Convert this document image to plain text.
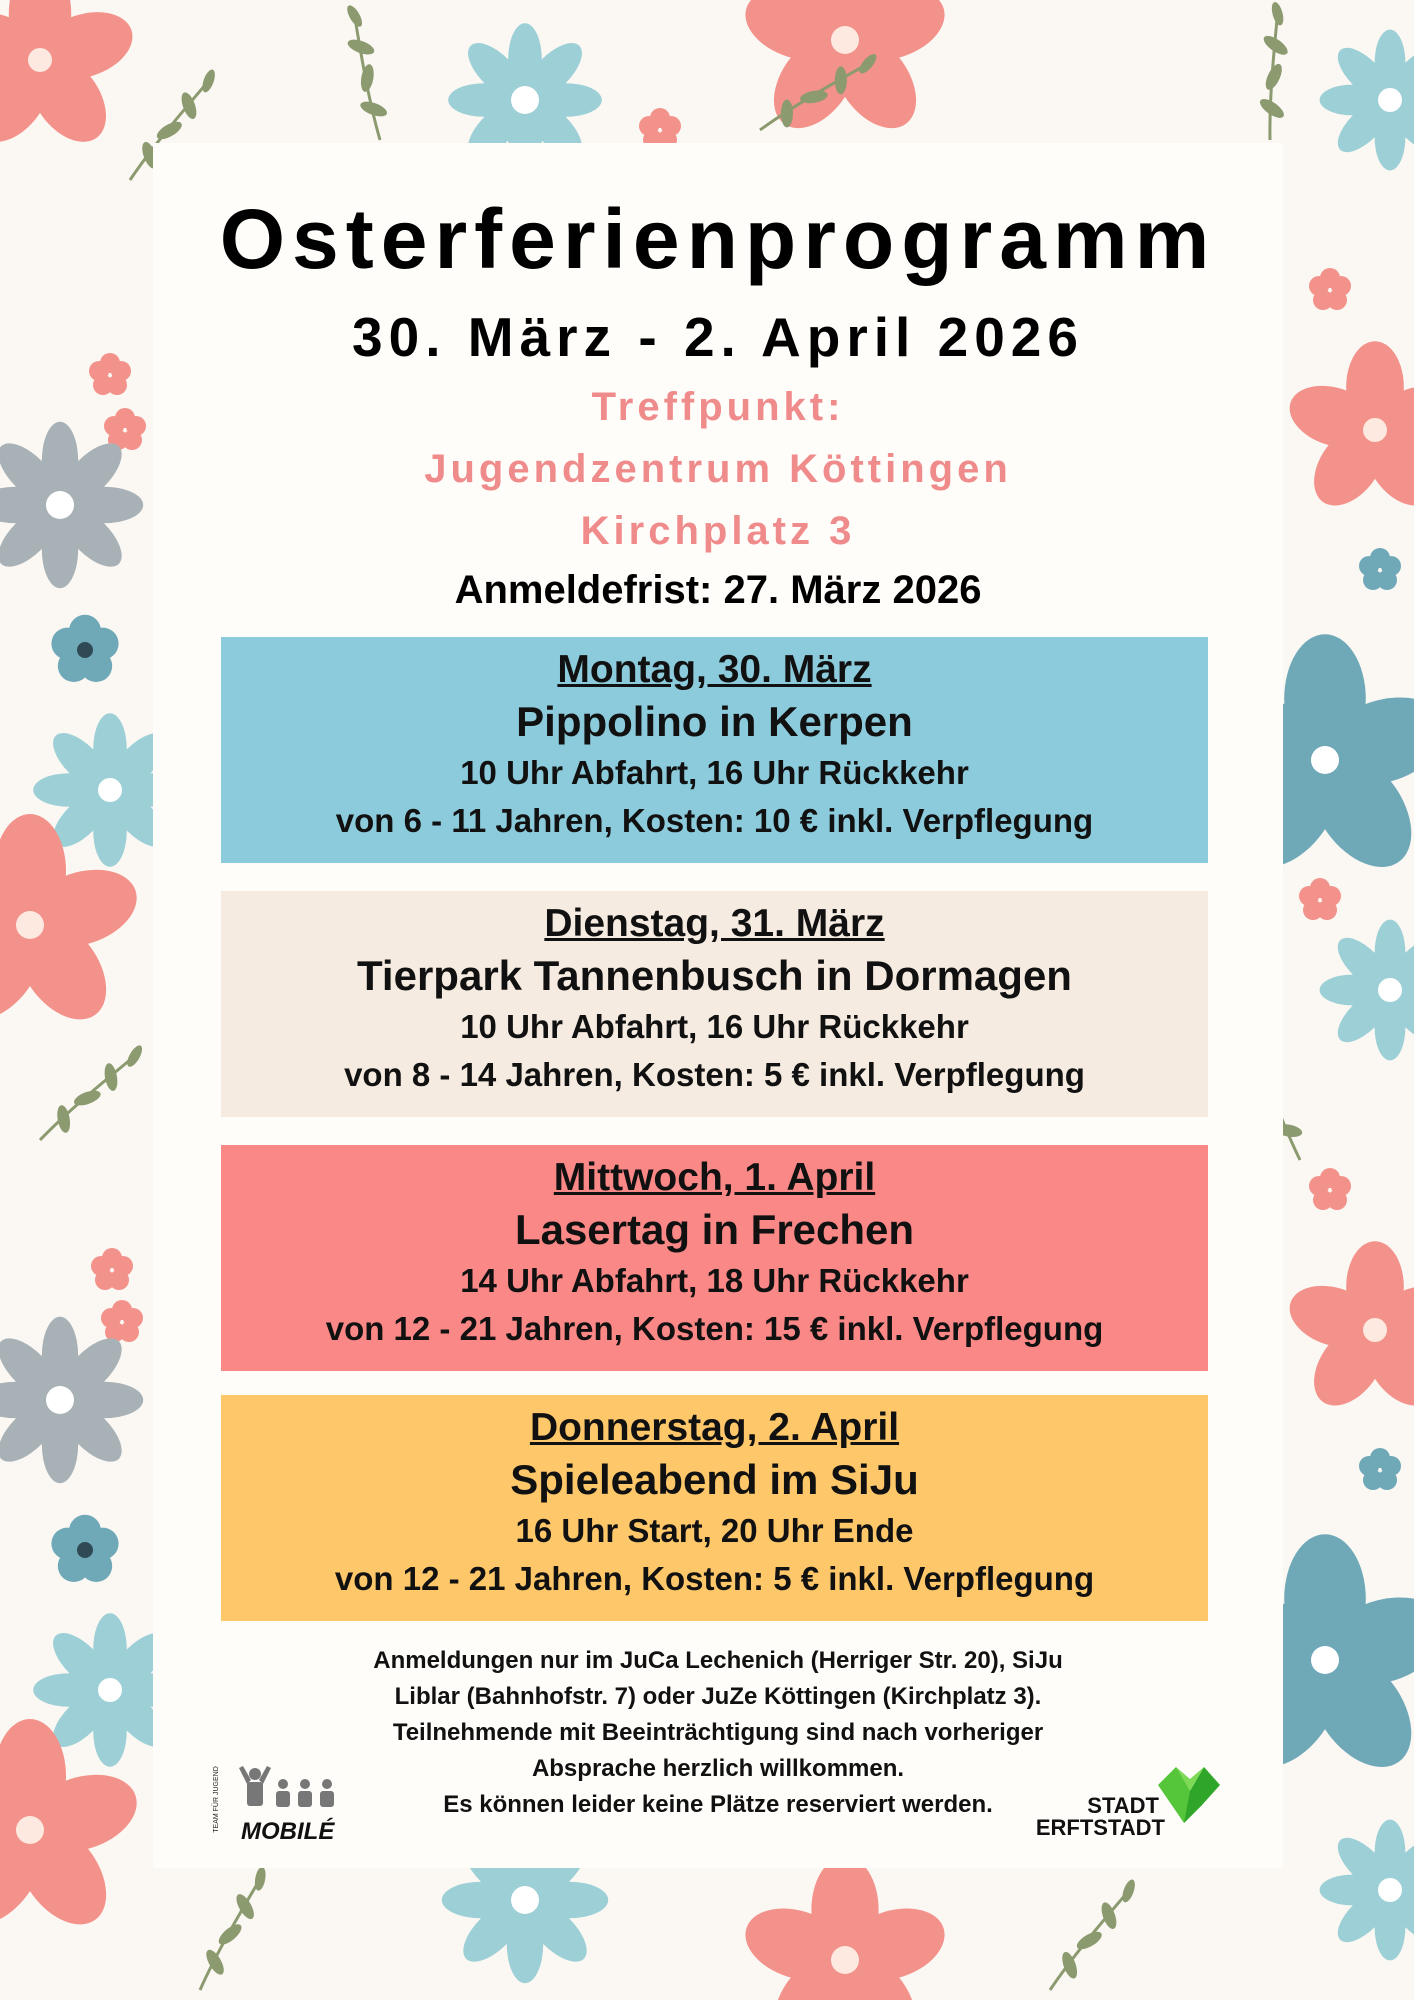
Osterferienprogramm
30. März - 2. April 2026
Treffpunkt:
Jugendzentrum Köttingen
Kirchplatz 3
Anmeldefrist: 27. März 2026
Montag, 30. März
Pippolino in Kerpen
10 Uhr Abfahrt, 16 Uhr Rückkehr
von 6 - 11 Jahren, Kosten: 10 € inkl. Verpflegung
Dienstag, 31. März
Tierpark Tannenbusch in Dormagen
10 Uhr Abfahrt, 16 Uhr Rückkehr
von 8 - 14 Jahren, Kosten: 5 € inkl. Verpflegung
Mittwoch, 1. April
Lasertag in Frechen
14 Uhr Abfahrt, 18 Uhr Rückkehr
von 12 - 21 Jahren, Kosten: 15 € inkl. Verpflegung
Donnerstag, 2. April
Spieleabend im SiJu
16 Uhr Start, 20 Uhr Ende
von 12 - 21 Jahren, Kosten: 5 € inkl. Verpflegung
Anmeldungen nur im JuCa Lechenich (Herriger Str. 20), SiJu
Liblar (Bahnhofstr. 7) oder JuZe Köttingen (Kirchplatz 3).
Teilnehmende mit Beeinträchtigung sind nach vorheriger
Absprache herzlich willkommen.
Es können leider keine Plätze reserviert werden.
TEAM FÜR JUGEND MOBILÉ
STADT
ERFTSTADT
